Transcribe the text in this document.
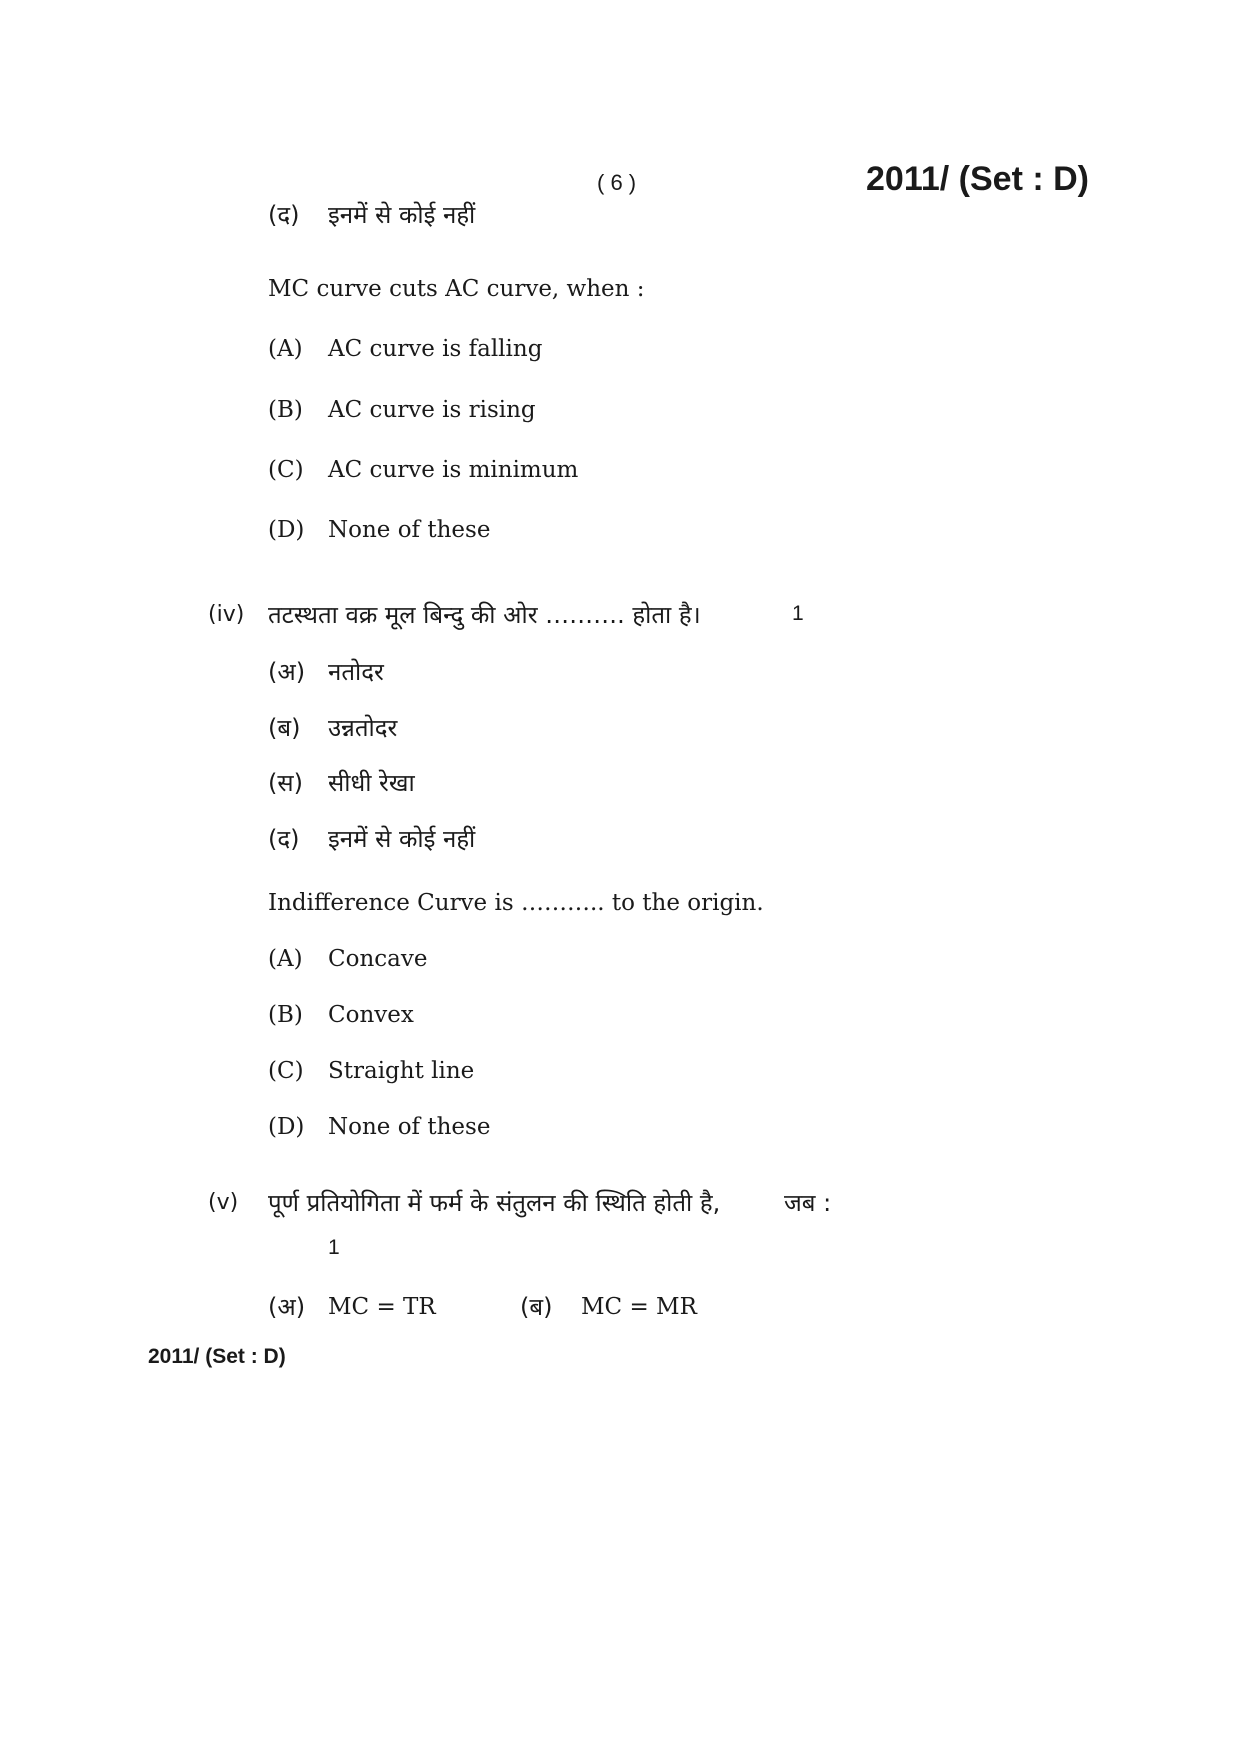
( 6 )	2011/ (Set : D)
(द) इनमें से कोई नहीं
MC curve cuts AC curve, when :
(A) AC curve is falling
(B) AC curve is rising
(C) AC curve is minimum
(D) None of these
(iv) तटस्थता वक्र मूल बिन्दु की ओर ………. होता है।	1
(अ) नतोदर
(ब) उन्नतोदर
(स) सीधी रेखा
(द) इनमें से कोई नहीं
Indifference Curve is ……….. to the origin.
(A) Concave
(B) Convex
(C) Straight line
(D) None of these
(v) पूर्ण प्रतियोगिता में फर्म के संतुलन की स्थिति होती है,	जब :
1
(अ) MC = TR	(ब) MC = MR
2011/ (Set : D)
